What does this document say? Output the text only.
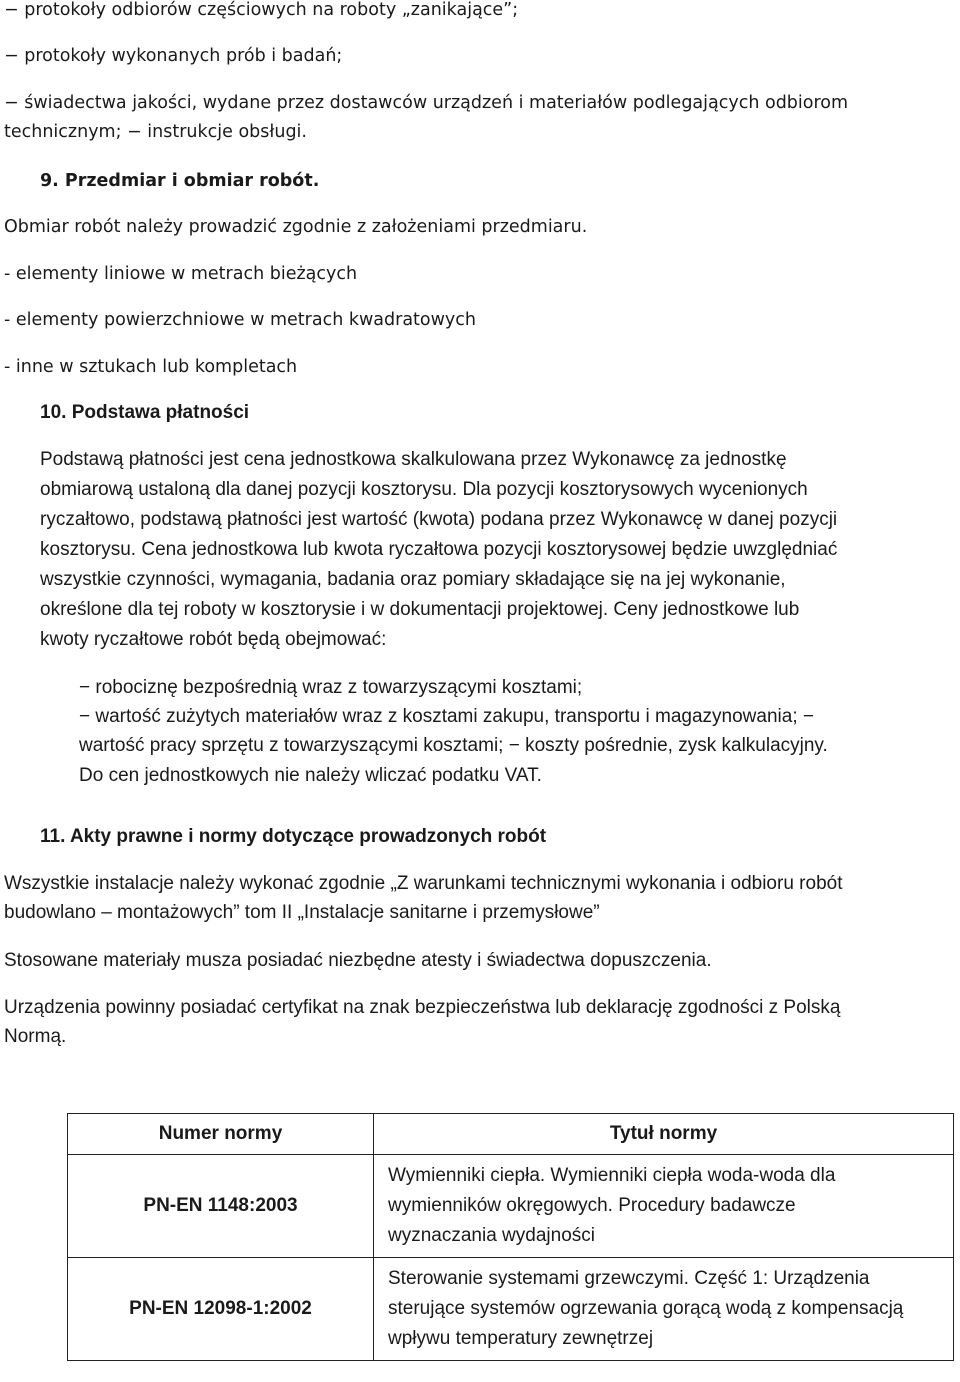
− protokoły odbiorów częściowych na roboty „zanikające”;
− protokoły wykonanych prób i badań;
− świadectwa jakości, wydane przez dostawców urządzeń i materiałów podlegających odbiorom
technicznym; − instrukcje obsługi.
9. Przedmiar i obmiar robót.
Obmiar robót należy prowadzić zgodnie z założeniami przedmiaru.
- elementy liniowe w metrach bieżących
- elementy powierzchniowe w metrach kwadratowych
- inne w sztukach lub kompletach
10. Podstawa płatności
Podstawą płatności jest cena jednostkowa skalkulowana przez Wykonawcę za jednostkę
obmiarową ustaloną dla danej pozycji kosztorysu. Dla pozycji kosztorysowych wycenionych
ryczałtowo, podstawą płatności jest wartość (kwota) podana przez Wykonawcę w danej pozycji
kosztorysu. Cena jednostkowa lub kwota ryczałtowa pozycji kosztorysowej będzie uwzględniać
wszystkie czynności, wymagania, badania oraz pomiary składające się na jej wykonanie,
określone dla tej roboty w kosztorysie i w dokumentacji projektowej. Ceny jednostkowe lub
kwoty ryczałtowe robót będą obejmować:
− robociznę bezpośrednią wraz z towarzyszącymi kosztami;
− wartość zużytych materiałów wraz z kosztami zakupu, transportu i magazynowania; −
wartość pracy sprzętu z towarzyszącymi kosztami; − koszty pośrednie, zysk kalkulacyjny.
Do cen jednostkowych nie należy wliczać podatku VAT.
11. Akty prawne i normy dotyczące prowadzonych robót
Wszystkie instalacje należy wykonać zgodnie „Z warunkami technicznymi wykonania i odbioru robót
budowlano – montażowych” tom II „Instalacje sanitarne i przemysłowe”
Stosowane materiały musza posiadać niezbędne atesty i świadectwa dopuszczenia.
Urządzenia powinny posiadać certyfikat na znak bezpieczeństwa lub deklarację zgodności z Polską
Normą.
Numer normy	Tytuł normy
PN-EN 1148:2003	Wymienniki ciepła. Wymienniki ciepła woda-woda dla
wymienników okręgowych. Procedury badawcze
wyznaczania wydajności

PN-EN 12098-1:2002	Sterowanie systemami grzewczymi. Część 1: Urządzenia
sterujące systemów ogrzewania gorącą wodą z kompensacją
wpływu temperatury zewnętrzej
